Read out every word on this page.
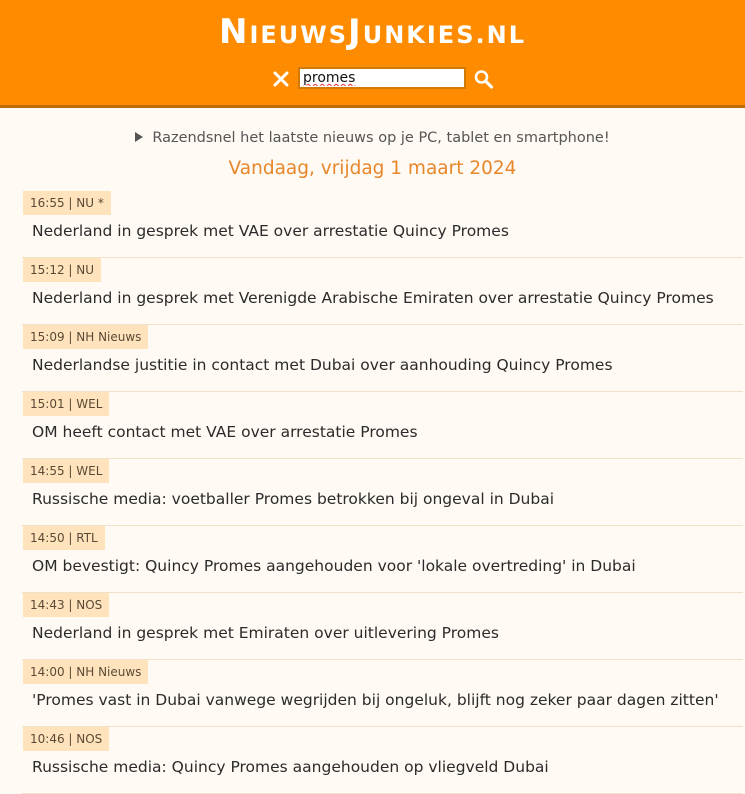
NIEUWSJUNKIES.NL
promes
Razendsnel het laatste nieuws op je PC, tablet en smartphone!
Vandaag, vrijdag 1 maart 2024
16:55 | NU *
Nederland in gesprek met VAE over arrestatie Quincy Promes
15:12 | NU
Nederland in gesprek met Verenigde Arabische Emiraten over arrestatie Quincy Promes
15:09 | NH Nieuws
Nederlandse justitie in contact met Dubai over aanhouding Quincy Promes
15:01 | WEL
OM heeft contact met VAE over arrestatie Promes
14:55 | WEL
Russische media: voetballer Promes betrokken bij ongeval in Dubai
14:50 | RTL
OM bevestigt: Quincy Promes aangehouden voor 'lokale overtreding' in Dubai
14:43 | NOS
Nederland in gesprek met Emiraten over uitlevering Promes
14:00 | NH Nieuws
'Promes vast in Dubai vanwege wegrijden bij ongeluk, blijft nog zeker paar dagen zitten'
10:46 | NOS
Russische media: Quincy Promes aangehouden op vliegveld Dubai
